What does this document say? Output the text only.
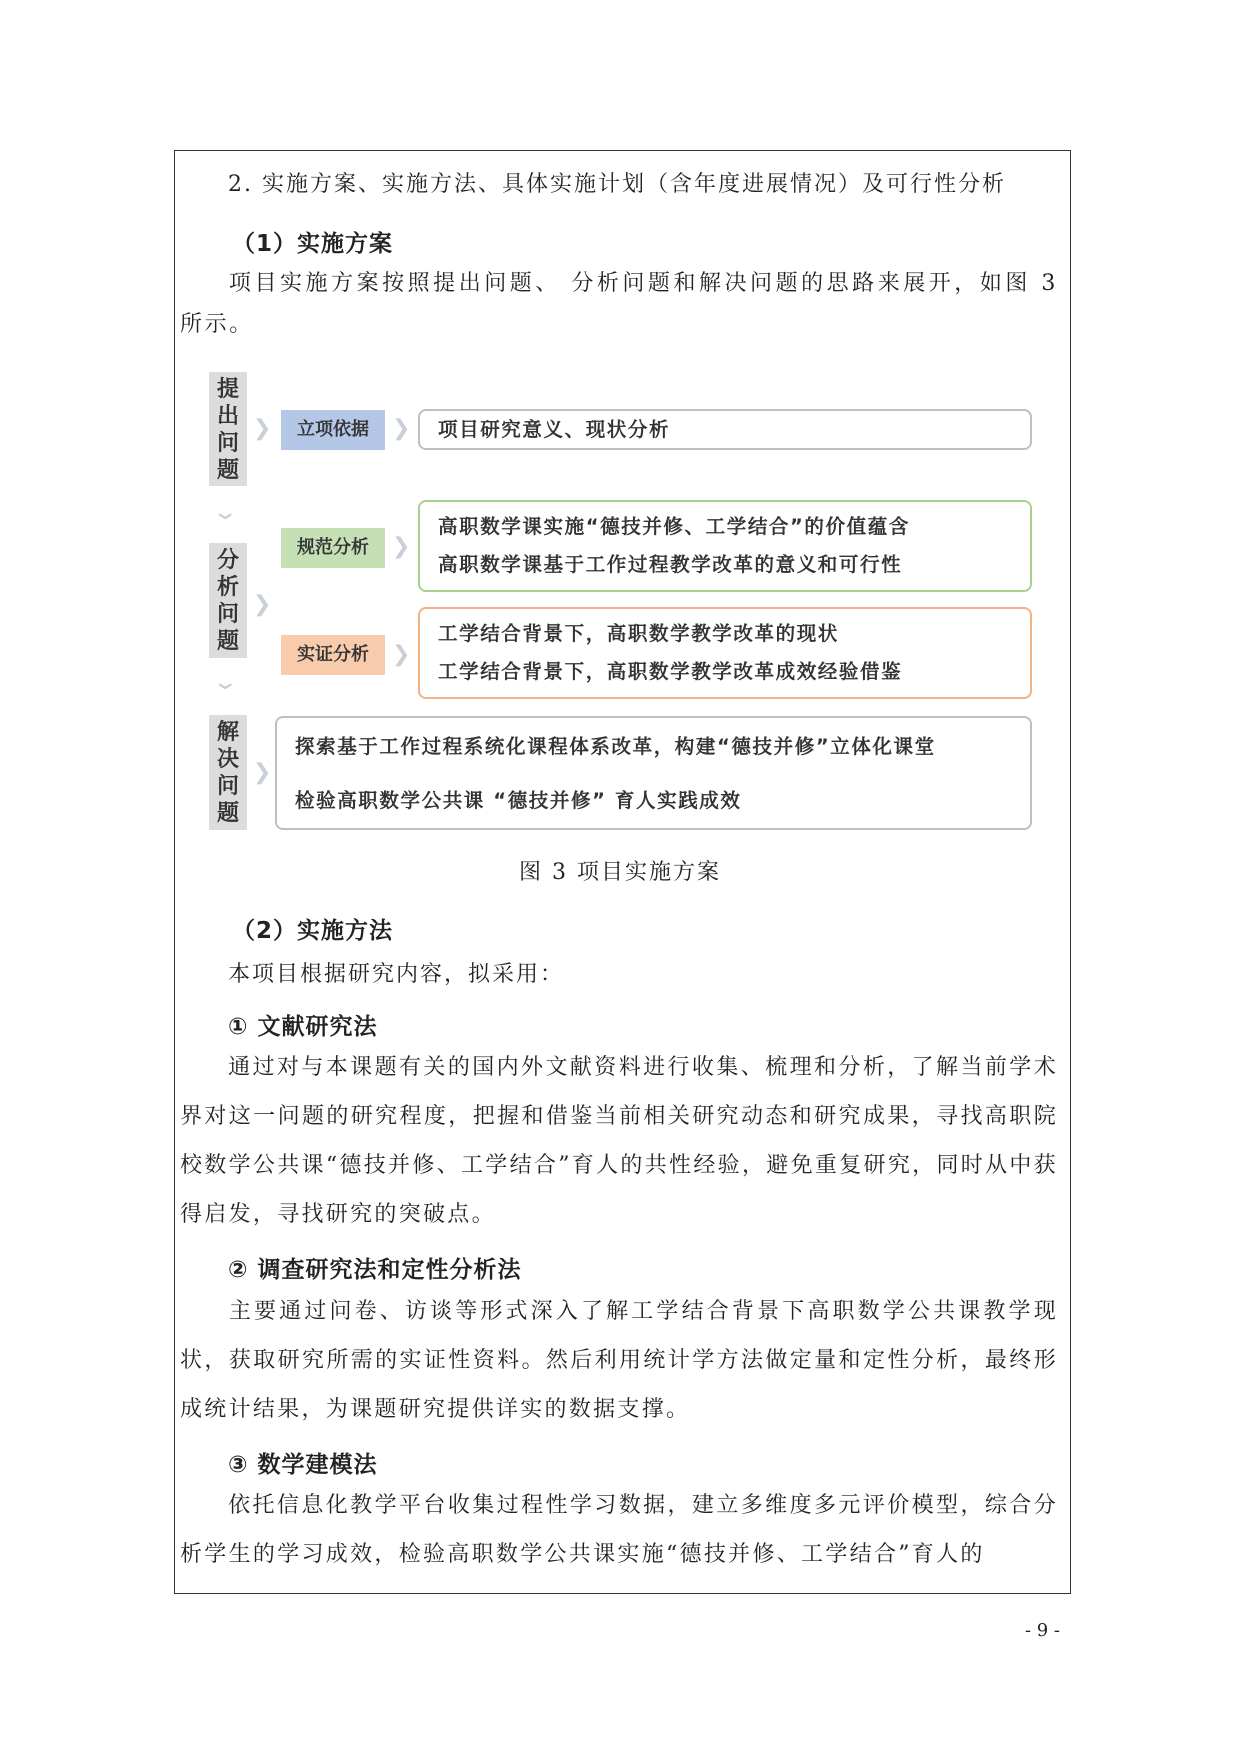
2. 实施方案、实施方法、具体实施计划（含年度进展情况）及可行性分析
（1）实施方案
项目实施方案按照提出问题、 分析问题和解决问题的思路来展开，如图 3 所示。
提出问题
❯	立项依据	❯ 项目研究意义、现状分析
⌄
分析问题
❯
规范分析	❯
高职数学课实施“德技并修、工学结合”的价值蕴含
高职数学课基于工作过程教学改革的意义和可行性
实证分析	❯
工学结合背景下，高职数学教学改革的现状
工学结合背景下，高职数学教学改革成效经验借鉴
⌄
解决问题
❯
探索基于工作过程系统化课程体系改革，构建“德技并修”立体化课堂
检验高职数学公共课 “德技并修” 育人实践成效
图 3 项目实施方案
（2）实施方法
本项目根据研究内容，拟采用：
① 文献研究法
通过对与本课题有关的国内外文献资料进行收集、梳理和分析，了解当前学术界对这一问题的研究程度，把握和借鉴当前相关研究动态和研究成果，寻找高职院校数学公共课“德技并修、工学结合”育人的共性经验，避免重复研究，同时从中获得启发，寻找研究的突破点。
② 调查研究法和定性分析法
主要通过问卷、访谈等形式深入了解工学结合背景下高职数学公共课教学现状，获取研究所需的实证性资料。然后利用统计学方法做定量和定性分析，最终形成统计结果，为课题研究提供详实的数据支撑。
③ 数学建模法
依托信息化教学平台收集过程性学习数据，建立多维度多元评价模型，综合分析学生的学习成效，检验高职数学公共课实施“德技并修、工学结合”育人的
- 9 -
